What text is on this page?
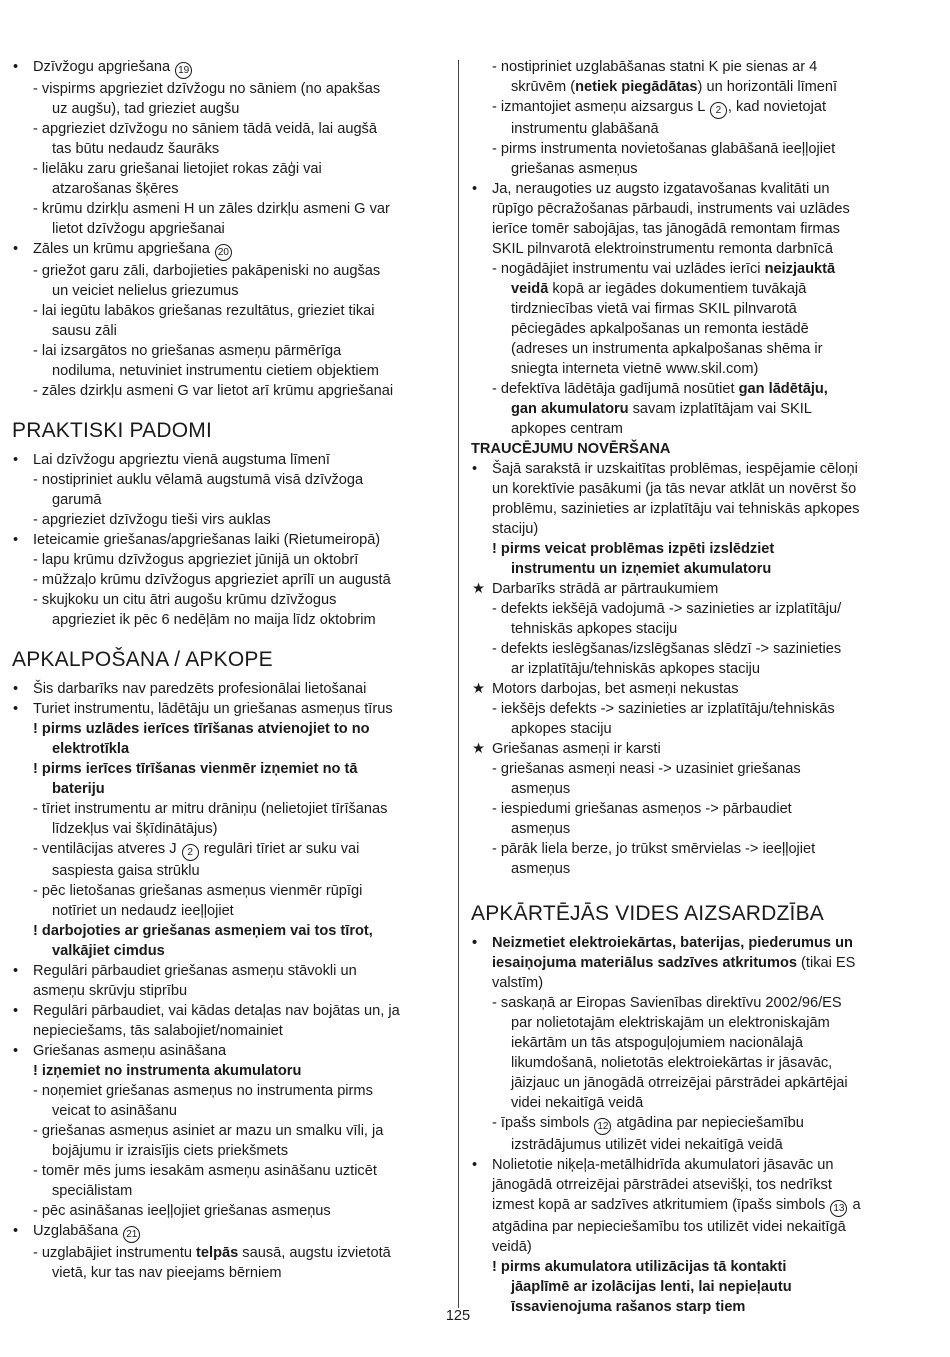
• Dzīvžogu apgriešana 19
- vispirms apgrieziet dzīvžogu no sāniem (no apakšas
uz augšu), tad grieziet augšu
- apgrieziet dzīvžogu no sāniem tādā veidā, lai augšā
tas būtu nedaudz šaurāks
- lielāku zaru griešanai lietojiet rokas zāģi vai
atzarošanas šķēres
- krūmu dzirkļu asmeni H un zāles dzirkļu asmeni G var
lietot dzīvžogu apgriešanai
• Zāles un krūmu apgriešana 20
- griežot garu zāli, darbojieties pakāpeniski no augšas
un veiciet nelielus griezumus
- lai iegūtu labākos griešanas rezultātus, grieziet tikai
sausu zāli
- lai izsargātos no griešanas asmeņu pārmērīga
nodiluma, netuviniet instrumentu cietiem objektiem
- zāles dzirkļu asmeni G var lietot arī krūmu apgriešanai
PRAKTISKI PADOMI
• Lai dzīvžogu apgrieztu vienā augstuma līmenī
- nostipriniet auklu vēlamā augstumā visā dzīvžoga
garumā
- apgrieziet dzīvžogu tieši virs auklas
• Ieteicamie griešanas/apgriešanas laiki (Rietumeiropā)
- lapu krūmu dzīvžogus apgrieziet jūnijā un oktobrī
- mūžzaļo krūmu dzīvžogus apgrieziet aprīlī un augustā
- skujkoku un citu ātri augošu krūmu dzīvžogus
apgrieziet ik pēc 6 nedēļām no maija līdz oktobrim
APKALPOŠANA / APKOPE
• Šis darbarīks nav paredzēts profesionālai lietošanai
• Turiet instrumentu, lādētāju un griešanas asmeņus tīrus
! pirms uzlādes ierīces tīrīšanas atvienojiet to no
elektrotīkla
! pirms ierīces tīrīšanas vienmēr izņemiet no tā
bateriju
- tīriet instrumentu ar mitru drāniņu (nelietojiet tīrīšanas
līdzekļus vai šķīdinātājus)
- ventilācijas atveres J 2 regulāri tīriet ar suku vai
saspiesta gaisa strūklu
- pēc lietošanas griešanas asmeņus vienmēr rūpīgi
notīriet un nedaudz ieeļļojiet
! darbojoties ar griešanas asmeņiem vai tos tīrot,
valkājiet cimdus
• Regulāri pārbaudiet griešanas asmeņu stāvokli un
asmeņu skrūvju stiprību
• Regulāri pārbaudiet, vai kādas detaļas nav bojātas un, ja
nepieciešams, tās salabojiet/nomainiet
• Griešanas asmeņu asināšana
! izņemiet no instrumenta akumulatoru
- noņemiet griešanas asmeņus no instrumenta pirms
veicat to asināšanu
- griešanas asmeņus asiniet ar mazu un smalku vīli, ja
bojājumu ir izraisījis ciets priekšmets
- tomēr mēs jums iesakām asmeņu asināšanu uzticēt
speciālistam
- pēc asināšanas ieeļļojiet griešanas asmeņus
• Uzglabāšana 21
- uzglabājiet instrumentu telpās sausā, augstu izvietotā
vietā, kur tas nav pieejams bērniem
- nostipriniet uzglabāšanas statni K pie sienas ar 4
skrūvēm (netiek piegādātas) un horizontāli līmenī
- izmantojiet asmeņu aizsargus L 2 , kad novietojat
instrumentu glabāšanā
- pirms instrumenta novietošanas glabāšanā ieeļļojiet
griešanas asmeņus
• Ja, neraugoties uz augsto izgatavošanas kvalitāti un
rūpīgo pēcražošanas pārbaudi, instruments vai uzlādes
ierīce tomēr sabojājas, tas jānogādā remontam firmas
SKIL pilnvarotā elektroinstrumentu remonta darbnīcā
- nogādājiet instrumentu vai uzlādes ierīci neizjauktā
veidā kopā ar iegādes dokumentiem tuvākajā
tirdzniecības vietā vai firmas SKIL pilnvarotā
pēciegādes apkalpošanas un remonta iestādē
(adreses un instrumenta apkalpošanas shēma ir
sniegta interneta vietnē www.skil.com)
- defektīva lādētāja gadījumā nosūtiet gan lādētāju,
gan akumulatoru savam izplatītājam vai SKIL
apkopes centram
TRAUCĒJUMU NOVĒRŠANA
• Šajā sarakstā ir uzskaitītas problēmas, iespējamie cēloņi
un korektīvie pasākumi (ja tās nevar atklāt un novērst šo
problēmu, sazinieties ar izplatītāju vai tehniskās apkopes
staciju)
! pirms veicat problēmas izpēti izslēdziet
instrumentu un izņemiet akumulatoru
★ Darbarīks strādā ar pārtraukumiem
- defekts iekšējā vadojumā -> sazinieties ar izplatītāju/
tehniskās apkopes staciju
- defekts ieslēgšanas/izslēgšanas slēdzī -> sazinieties
ar izplatītāju/tehniskās apkopes staciju
★ Motors darbojas, bet asmeņi nekustas
- iekšējs defekts -> sazinieties ar izplatītāju/tehniskās
apkopes staciju
★ Griešanas asmeņi ir karsti
- griešanas asmeņi neasi -> uzasiniet griešanas
asmeņus
- iespiedumi griešanas asmeņos -> pārbaudiet
asmeņus
- pārāk liela berze, jo trūkst smērvielas -> ieeļļojiet
asmeņus
APKĀRTĒJĀS VIDES AIZSARDZĪBA
• Neizmetiet elektroiekārtas, baterijas, piederumus un
iesaiņojuma materiālus sadzīves atkritumos (tikai ES
valstīm)
- saskaņā ar Eiropas Savienības direktīvu 2002/96/ES
par nolietotajām elektriskajām un elektroniskajām
iekārtām un tās atspoguļojumiem nacionālajā
likumdošanā, nolietotās elektroiekārtas ir jāsavāc,
jāizjauc un jānogādā otrreizējai pārstrādei apkārtējai
videi nekaitīgā veidā
- īpašs simbols 12 atgādina par nepieciešamību
izstrādājumus utilizēt videi nekaitīgā veidā
• Nolietotie niķeļa-metālhidrīda akumulatori jāsavāc un
jānogādā otrreizējai pārstrādei atsevišķi, tos nedrīkst
izmest kopā ar sadzīves atkritumiem (īpašs simbols 13 a
atgādina par nepieciešamību tos utilizēt videi nekaitīgā
veidā)
! pirms akumulatora utilizācijas tā kontakti
jāaplīmē ar izolācijas lenti, lai nepieļautu
īssavienojuma rašanos starp tiem
125
